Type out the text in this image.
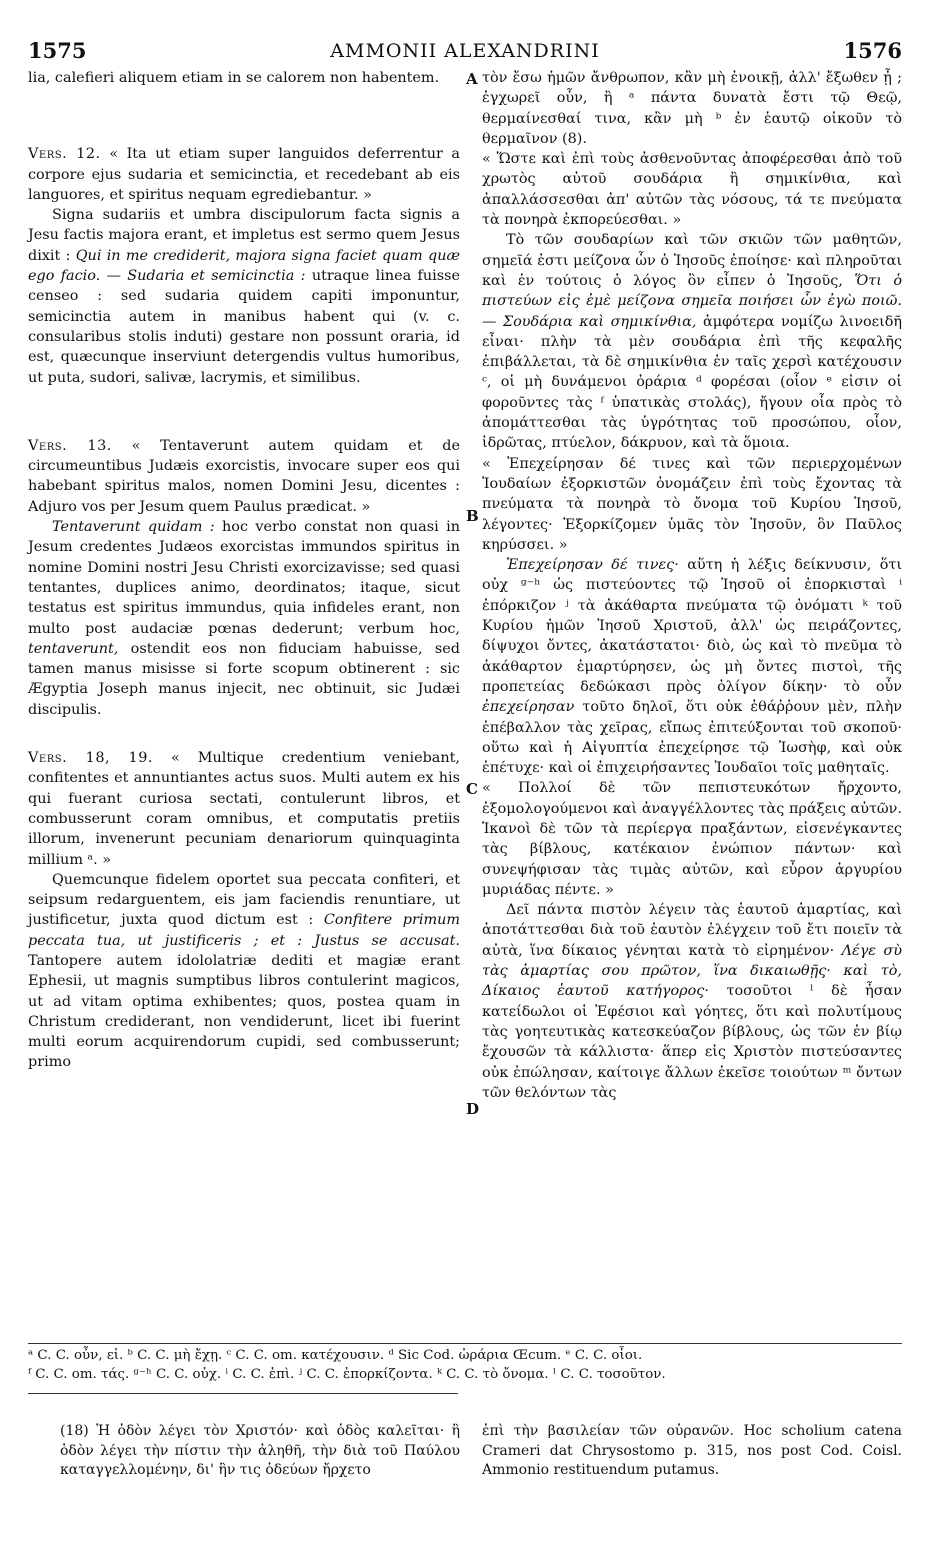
1575	AMMONII ALEXANDRINI	1576
A
B
C
D

lia, calefieri aliquem etiam in se calorem non habentem.

Vers. 12. « Ita ut etiam super languidos deferrentur a corpore ejus sudaria et semicinctia, et recedebant ab eis languores, et spiritus nequam egrediebantur. »

Signa sudariis et umbra discipulorum facta signis a Jesu factis majora erant, et impletus est sermo quem Jesus dixit : Qui in me crediderit, majora signa faciet quam quæ ego facio. — Sudaria et semicinctia : utraque linea fuisse censeo : sed sudaria quidem capiti imponuntur, semicinctia autem in manibus habent qui (v. c. consularibus stolis induti) gestare non possunt oraria, id est, quæcunque inserviunt detergendis vultus humoribus, ut puta, sudori, salivæ, lacrymis, et similibus.

Vers. 13. « Tentaverunt autem quidam et de circumeuntibus Judæis exorcistis, invocare super eos qui habebant spiritus malos, nomen Domini Jesu, dicentes : Adjuro vos per Jesum quem Paulus prædicat. »

Tentaverunt quidam : hoc verbo constat non quasi in Jesum credentes Judæos exorcistas immundos spiritus in nomine Domini nostri Jesu Christi exorcizavisse; sed quasi tentantes, duplices animo, deordinatos; itaque, sicut testatus est spiritus immundus, quia infideles erant, non multo post audaciæ pœnas dederunt; verbum hoc, tentaverunt, ostendit eos non fiduciam habuisse, sed tamen manus misisse si forte scopum obtinerent : sic Ægyptia Joseph manus injecit, nec obtinuit, sic Judæi discipulis.

Vers. 18, 19. « Multique credentium veniebant, confitentes et annuntiantes actus suos. Multi autem ex his qui fuerant curiosa sectati, contulerunt libros, et combusserunt coram omnibus, et computatis pretiis illorum, invenerunt pecuniam denariorum quinquaginta millium ᵃ. »

Quemcunque fidelem oportet sua peccata confiteri, et seipsum redarguentem, eis jam faciendis renuntiare, ut justificetur, juxta quod dictum est : Confitere primum peccata tua, ut justificeris ; et : Justus se accusat. Tantopere autem idololatriæ dediti et magiæ erant Ephesii, ut magnis sumptibus libros contulerint magicos, ut ad vitam optima exhibentes; quos, postea quam in Christum crediderant, non vendiderunt, licet ibi fuerint multi eorum acquirendorum cupidi, sed combusserunt; primo

τὸν ἔσω ἡμῶν ἄνθρωπον, κἂν μὴ ἐνοικῇ, ἀλλ' ἔξωθεν ᾖ ; ἐγχωρεῖ οὖν, ἢ ᵃ πάντα δυνατὰ ἔστι τῷ Θεῷ, θερμαίνεσθαί τινα, κἂν μὴ ᵇ ἐν ἑαυτῷ οἰκοῦν τὸ θερμαῖνον (8).

« Ὥστε καὶ ἐπὶ τοὺς ἀσθενοῦντας ἀποφέρεσθαι ἀπὸ τοῦ χρωτὸς αὐτοῦ σουδάρια ἢ σημικίνθια, καὶ ἀπαλλάσσεσθαι ἀπ' αὐτῶν τὰς νόσους, τά τε πνεύματα τὰ πονηρὰ ἐκπορεύεσθαι. »

Τὸ τῶν σουδαρίων καὶ τῶν σκιῶν τῶν μαθητῶν, σημεῖά ἐστι μείζονα ὧν ὁ Ἰησοῦς ἐποίησε· καὶ πληροῦται καὶ ἐν τούτοις ὁ λόγος ὃν εἶπεν ὁ Ἰησοῦς, Ὅτι ὁ πιστεύων εἰς ἐμὲ μείζονα σημεῖα ποιήσει ὧν ἐγὼ ποιῶ. — Σουδάρια καὶ σημικίνθια, ἀμφότερα νομίζω λινοειδῆ εἶναι· πλὴν τὰ μὲν σουδάρια ἐπὶ τῆς κεφαλῆς ἐπιβάλλεται, τὰ δὲ σημικίνθια ἐν ταῖς χερσὶ κατέχουσιν ᶜ, οἱ μὴ δυνάμενοι ὀράρια ᵈ φορέσαι (οἷον ᵉ εἰσιν οἱ φοροῦντες τὰς ᶠ ὑπατικὰς στολάς), ἤγουν οἷα πρὸς τὸ ἀπομάττεσθαι τὰς ὑγρότητας τοῦ προσώπου, οἷον, ἱδρῶτας, πτύελον, δάκρυον, καὶ τὰ ὅμοια.

« Ἐπεχείρησαν δέ τινες καὶ τῶν περιερχομένων Ἰουδαίων ἐξορκιστῶν ὀνομάζειν ἐπὶ τοὺς ἔχοντας τὰ πνεύματα τὰ πονηρὰ τὸ ὄνομα τοῦ Κυρίου Ἰησοῦ, λέγοντες· Ἐξορκίζομεν ὑμᾶς τὸν Ἰησοῦν, ὃν Παῦλος κηρύσσει. »

Ἐπεχείρησαν δέ τινες· αὕτη ἡ λέξις δείκνυσιν, ὅτι οὐχ ᵍ⁻ʰ ὡς πιστεύοντες τῷ Ἰησοῦ οἱ ἐπορκισταὶ ⁱ ἐπόρκιζον ʲ τὰ ἀκάθαρτα πνεύματα τῷ ὀνόματι ᵏ τοῦ Κυρίου ἡμῶν Ἰησοῦ Χριστοῦ, ἀλλ' ὡς πειράζοντες, δίψυχοι ὄντες, ἀκατάστατοι· διὸ, ὡς καὶ τὸ πνεῦμα τὸ ἀκάθαρτον ἐμαρτύρησεν, ὡς μὴ ὄντες πιστοὶ, τῆς προπετείας δεδώκασι πρὸς ὀλίγον δίκην· τὸ οὖν ἐπεχείρησαν τοῦτο δηλοῖ, ὅτι οὐκ ἐθάῤῥουν μὲν, πλὴν ἐπέβαλλον τὰς χεῖρας, εἴπως ἐπιτεύξονται τοῦ σκοποῦ· οὕτω καὶ ἡ Αἰγυπτία ἐπεχείρησε τῷ Ἰωσὴφ, καὶ οὐκ ἐπέτυχε· καὶ οἱ ἐπιχειρήσαντες Ἰουδαῖοι τοῖς μαθηταῖς.

« Πολλοί δὲ τῶν πεπιστευκότων ἤρχοντο, ἐξομολογούμενοι καὶ ἀναγγέλλοντες τὰς πράξεις αὐτῶν. Ἱκανοὶ δὲ τῶν τὰ περίεργα πραξάντων, εἰσενέγκαντες τὰς βίβλους, κατέκαιον ἐνώπιον πάντων· καὶ συνεψήφισαν τὰς τιμὰς αὐτῶν, καὶ εὗρον ἀργυρίου μυριάδας πέντε. »

Δεῖ πάντα πιστὸν λέγειν τὰς ἑαυτοῦ ἁμαρτίας, καὶ ἀποτάττεσθαι διὰ τοῦ ἑαυτὸν ἐλέγχειν τοῦ ἔτι ποιεῖν τὰ αὐτὰ, ἵνα δίκαιος γένηται κατὰ τὸ εἰρημένον· Λέγε σὺ τὰς ἁμαρτίας σου πρῶτον, ἵνα δικαιωθῇς· καὶ τὸ, Δίκαιος ἑαυτοῦ κατήγορος· τοσοῦτοι ˡ δὲ ἦσαν κατείδωλοι οἱ Ἐφέσιοι καὶ γόητες, ὅτι καὶ πολυτίμους τὰς γοητευτικὰς κατεσκεύαζον βίβλους, ὡς τῶν ἐν βίῳ ἔχουσῶν τὰ κάλλιστα· ἅπερ εἰς Χριστὸν πιστεύσαντες οὐκ ἐπώλησαν, καίτοιγε ἄλλων ἐκεῖσε τοιούτων ᵐ ὄντων τῶν θελόντων τὰς

ᵃ C. C. οὖν, εἰ. ᵇ C. C. μὴ ἔχῃ. ᶜ C. C. om. κατέχουσιν. ᵈ Sic Cod. ὠράρια Œcum. ᵉ C. C. οἷοι.
ᶠ C. C. om. τάς. ᵍ⁻ʰ C. C. οὐχ. ⁱ C. C. ἐπὶ. ʲ C. C. ἐπορκίζοντα. ᵏ C. C. τὸ ὄνομα. ˡ C. C. τοσοῦτον.
(18) Ἡ ὁδὸν λέγει τὸν Χριστόν· καὶ ὁδὸς καλεῖται· ἢ ὁδὸν λέγει τὴν πίστιν τὴν ἀληθῆ, τὴν διὰ τοῦ Παύλου καταγγελλομένην, δι' ἣν τις ὁδεύων ἤρχετο
ἐπὶ τὴν βασιλείαν τῶν οὐρανῶν. Hoc scholium catena Crameri dat Chrysostomo p. 315, nos post Cod. Coisl. Ammonio restituendum putamus.
